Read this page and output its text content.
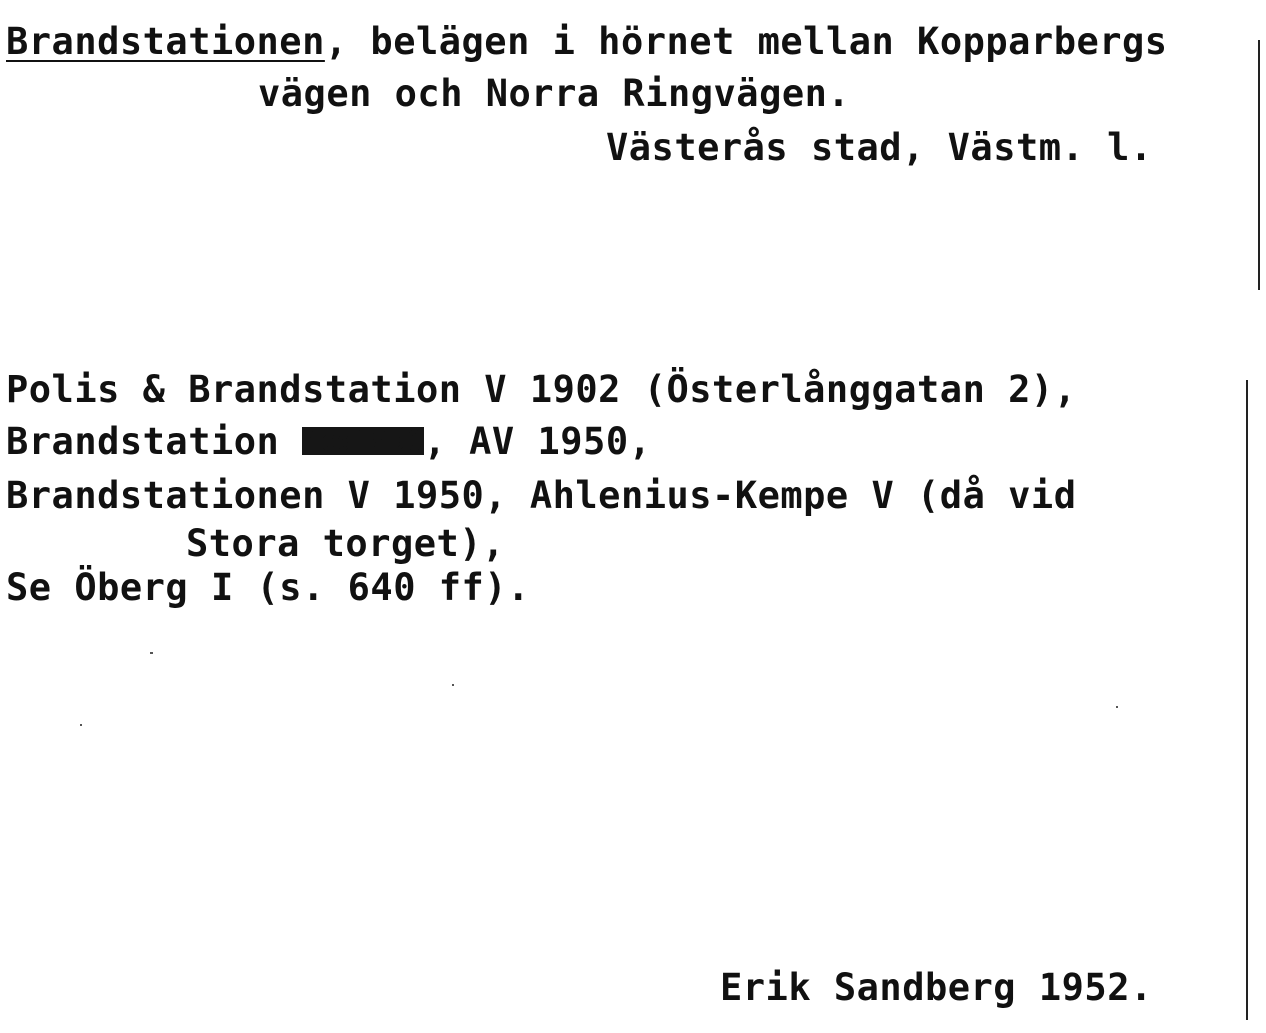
Brandstationen, belägen i hörnet mellan Kopparbergs
vägen och Norra Ringvägen.
Västerås stad, Västm. l.
Polis & Brandstation V 1902 (Österlånggatan 2),
Brandstation Mcd1950, AV 1950,
Brandstationen V 1950, Ahlenius-Kempe V (då vid
Stora torget),
Se Öberg I (s. 640 ff).
Erik Sandberg 1952.
